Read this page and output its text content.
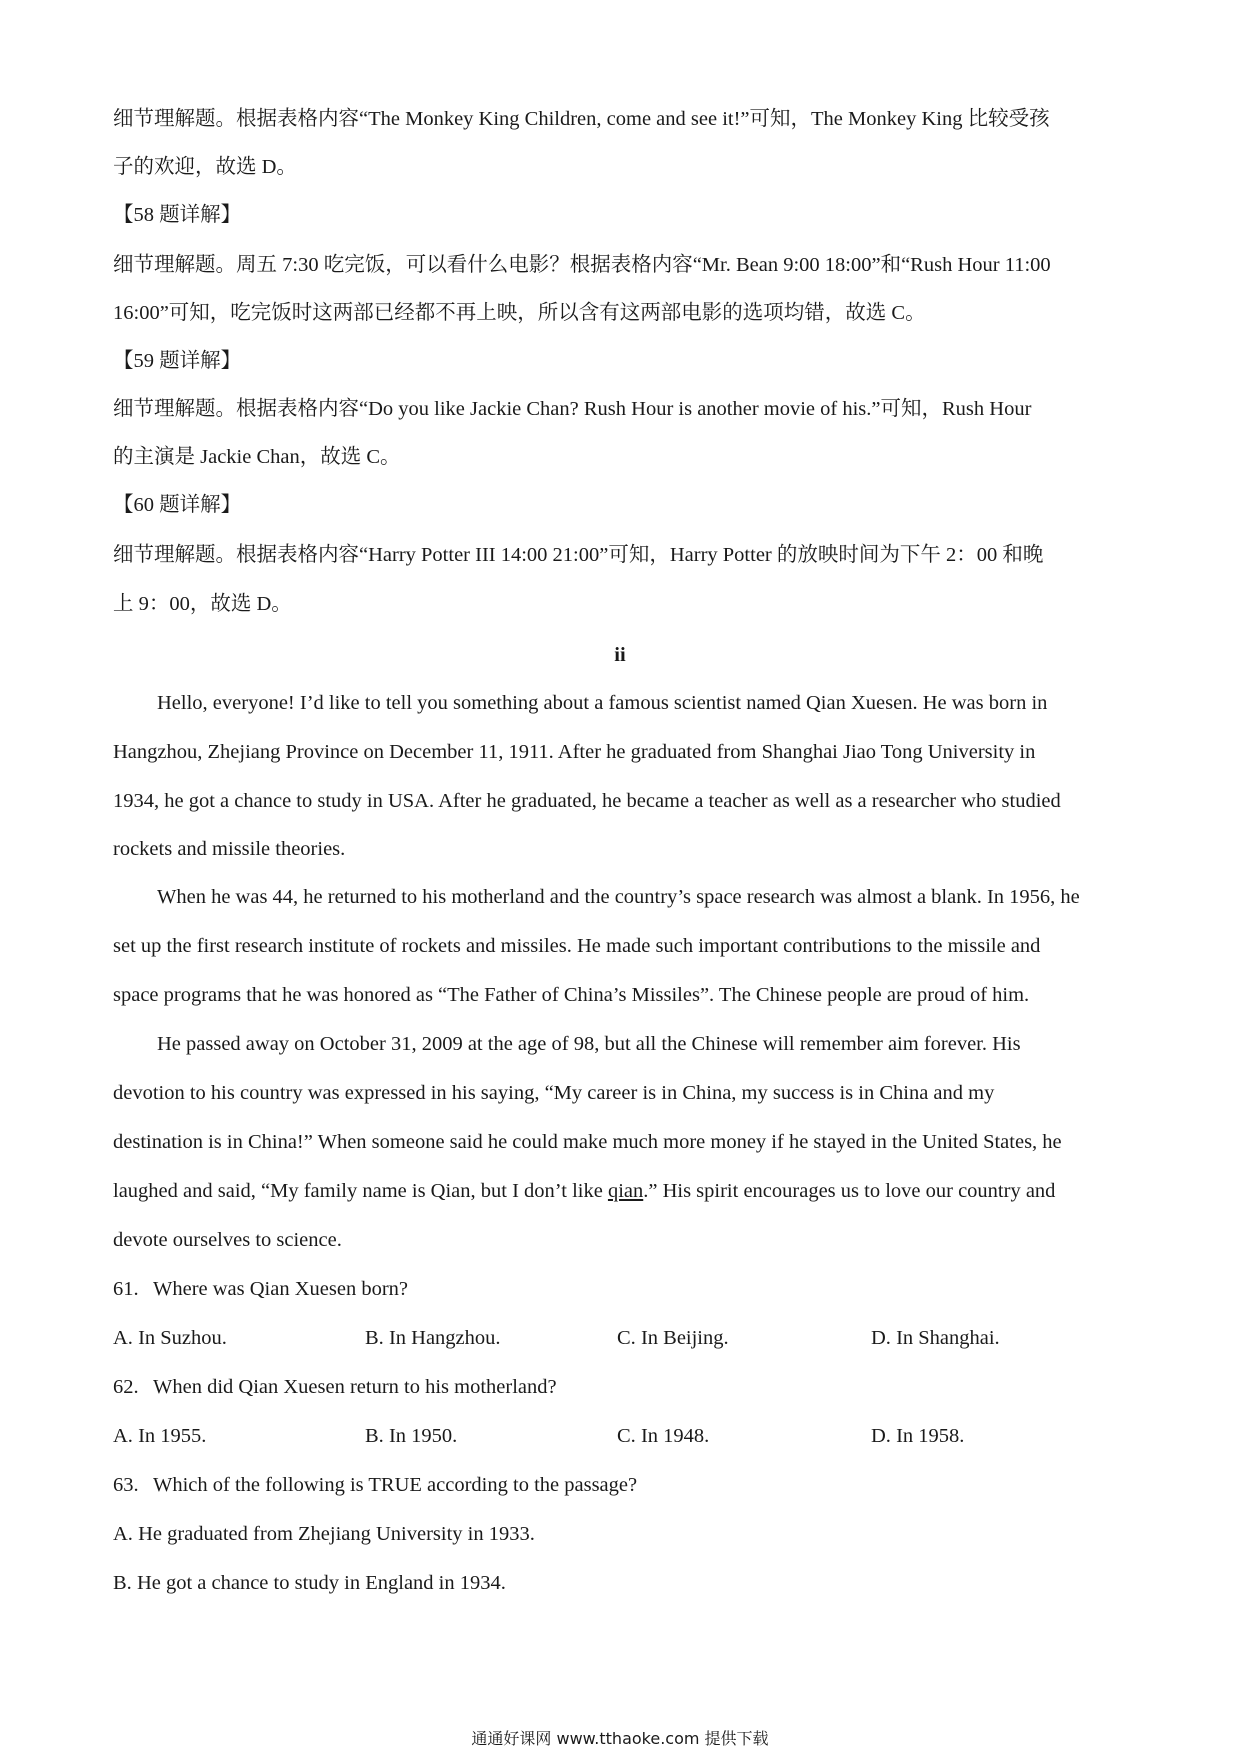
细节理解题。根据表格内容“The Monkey King Children, come and see it!”可知，The Monkey King 比较受孩
子的欢迎，故选 D。
【58 题详解】
细节理解题。周五 7:30 吃完饭，可以看什么电影？根据表格内容“Mr. Bean 9:00 18:00”和“Rush Hour 11:00
16:00”可知，吃完饭时这两部已经都不再上映，所以含有这两部电影的选项均错，故选 C。
【59 题详解】
细节理解题。根据表格内容“Do you like Jackie Chan? Rush Hour is another movie of his.”可知，Rush Hour
的主演是 Jackie Chan，故选 C。
【60 题详解】
细节理解题。根据表格内容“Harry Potter III 14:00 21:00”可知，Harry Potter 的放映时间为下午 2：00 和晚
上 9：00，故选 D。
ii
Hello, everyone! I’d like to tell you something about a famous scientist named Qian Xuesen. He was born in
Hangzhou, Zhejiang Province on December 11, 1911. After he graduated from Shanghai Jiao Tong University in
1934, he got a chance to study in USA. After he graduated, he became a teacher as well as a researcher who studied
rockets and missile theories.
When he was 44, he returned to his motherland and the country’s space research was almost a blank. In 1956, he
set up the first research institute of rockets and missiles. He made such important contributions to the missile and
space programs that he was honored as “The Father of China’s Missiles”. The Chinese people are proud of him.
He passed away on October 31, 2009 at the age of 98, but all the Chinese will remember aim forever. His
devotion to his country was expressed in his saying, “My career is in China, my success is in China and my
destination is in China!” When someone said he could make much more money if he stayed in the United States, he
laughed and said, “My family name is Qian, but I don’t like qian.” His spirit encourages us to love our country and
devote ourselves to science.
61. Where was Qian Xuesen born?
A. In Suzhou.	B. In Hangzhou.	C. In Beijing.	D. In Shanghai.
62. When did Qian Xuesen return to his motherland?
A. In 1955.	B. In 1950.	C. In 1948.	D. In 1958.
63. Which of the following is TRUE according to the passage?
A. He graduated from Zhejiang University in 1933.
B. He got a chance to study in England in 1934.
通通好课网 www.tthaoke.com 提供下载
